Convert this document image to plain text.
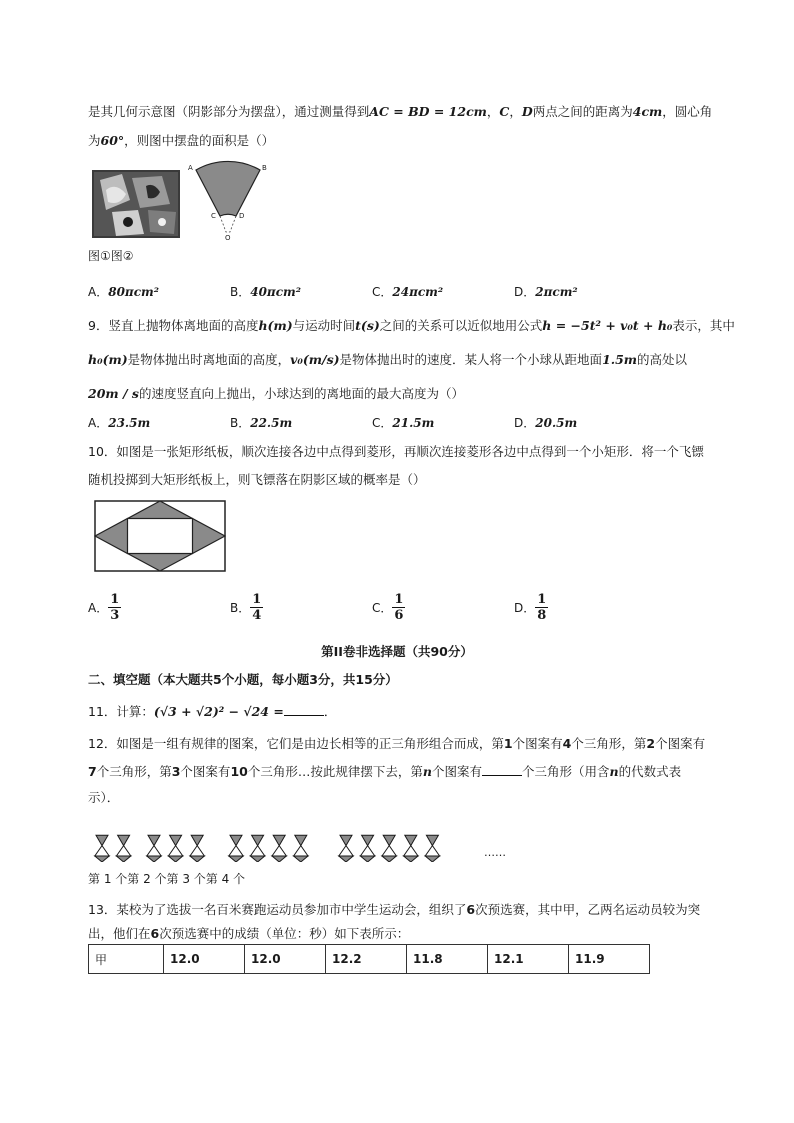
是其几何示意图（阴影部分为摆盘），通过测量得到AC = BD = 12cm，C，D两点之间的距离为4cm，圆心角
为60°，则图中摆盘的面积是（）
A	B
C	D
O
图①图②
A．80πcm²	B．40πcm²	C．24πcm²	D．2πcm²
9．竖直上抛物体离地面的高度h(m)与运动时间t(s)之间的关系可以近似地用公式h = −5t² + v₀t + h₀表示，其中
h₀(m)是物体抛出时离地面的高度，v₀(m/s)是物体抛出时的速度．某人将一个小球从距地面1.5m的高处以
20m / s的速度竖直向上抛出，小球达到的离地面的最大高度为（）
A．23.5m	B．22.5m	C．21.5m	D．20.5m
10．如图是一张矩形纸板，顺次连接各边中点得到菱形，再顺次连接菱形各边中点得到一个小矩形．将一个飞镖
随机投掷到大矩形纸板上，则飞镖落在阴影区域的概率是（）
A． $\frac{1}{3}$	B． $\frac{1}{4}$	C． $\frac{1}{6}$	D． $\frac{1}{8}$
第II卷非选择题（共90分）
二、填空题（本大题共5个小题，每小题3分，共15分）
11．计算：(√3 + √2)² − √24 =	．
12．如图是一组有规律的图案，它们是由边长相等的正三角形组合而成，第1个图案有4个三角形，第2个图案有
7个三角形，第3个图案有10个三角形…按此规律摆下去，第n个图案有	个三角形（用含n的代数式表
示）．
……
第 1 个第 2 个第 3 个第 4 个
13．某校为了选拔一名百米赛跑运动员参加市中学生运动会，组织了6次预选赛，其中甲，乙两名运动员较为突
出，他们在6次预选赛中的成绩（单位：秒）如下表所示：
甲	12.0	12.0	12.2	11.8	12.1	11.9
